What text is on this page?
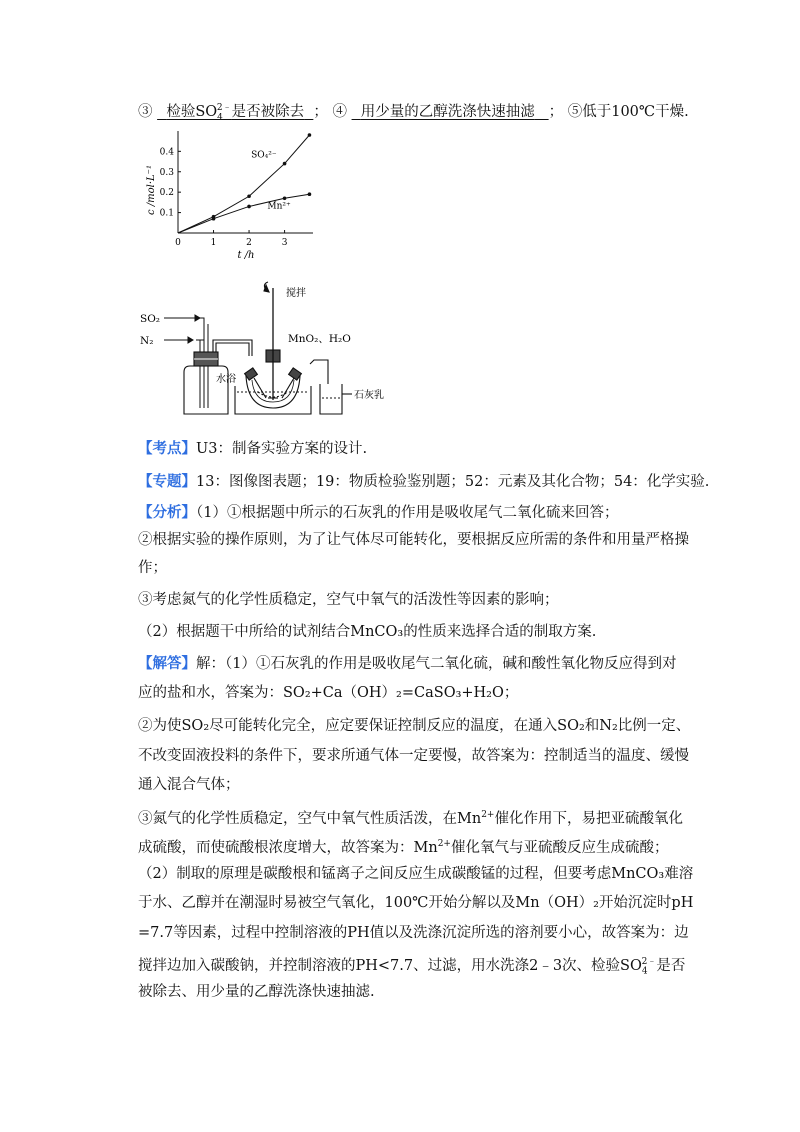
③ 检验$SO_4^{2﹣}$是否被除去 ； ④ 用少量的乙醇洗涤快速抽滤 ； ⑤低于100℃干燥.
c /mol·L⁻¹
0	1	2	3
0.1
0.2
0.3
0.4	SO₄²⁻
Mn²⁺
t /h
SO₂
N₂
水浴
搅拌
MnO₂、H₂O
石灰乳
【考点】U3：制备实验方案的设计.
【专题】13：图像图表题；19：物质检验鉴别题；52：元素及其化合物；54：化学实验.
【分析】（1）①根据题中所示的石灰乳的作用是吸收尾气二氧化硫来回答；
②根据实验的操作原则，为了让气体尽可能转化，要根据反应所需的条件和用量严格操
作；
③考虑氮气的化学性质稳定，空气中氧气的活泼性等因素的影响；
（2）根据题干中所给的试剂结合MnCO₃的性质来选择合适的制取方案.
【解答】解：（1）①石灰乳的作用是吸收尾气二氧化硫，碱和酸性氧化物反应得到对
应的盐和水，答案为：SO₂+Ca（OH）₂=CaSO₃+H₂O；
②为使SO₂尽可能转化完全，应定要保证控制反应的温度，在通入SO₂和N₂比例一定、
不改变固液投料的条件下，要求所通气体一定要慢，故答案为：控制适当的温度、缓慢
通入混合气体；
③氮气的化学性质稳定，空气中氧气性质活泼，在$Mn^{2+}$催化作用下，易把亚硫酸氧化
成硫酸，而使硫酸根浓度增大，故答案为：$Mn^{2+}$催化氧气与亚硫酸反应生成硫酸；
（2）制取的原理是碳酸根和锰离子之间反应生成碳酸锰的过程，但要考虑MnCO₃难溶
于水、乙醇并在潮湿时易被空气氧化，100℃开始分解以及Mn（OH）₂开始沉淀时pH
=7.7等因素，过程中控制溶液的PH值以及洗涤沉淀所选的溶剂要小心，故答案为：边
搅拌边加入碳酸钠，并控制溶液的PH<7.7、过滤，用水洗涤2﹣3次、检验$SO_4^{2﹣}$是否
被除去、用少量的乙醇洗涤快速抽滤.
